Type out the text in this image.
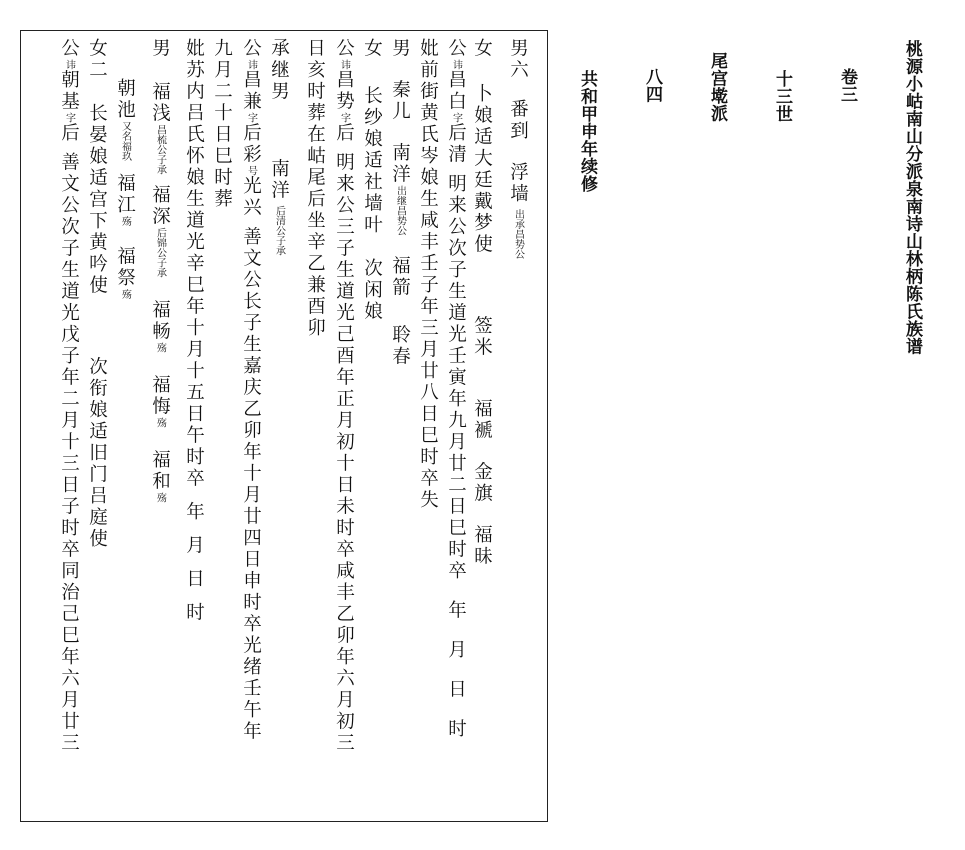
桃源小岵南山分派泉南诗山林柄陈氏族谱

卷三

十三世

尾宫墘派

八四

共和甲申年续修

男六番到浮墙出承昌势公
女卜娘适大廷戴梦使签米福褫金旗福昧
公讳昌白字后清明来公次子生道光壬寅年九月廿二日巳时卒年月日时
妣前街黄氏岑娘生咸丰壬子年三月廿八日巳时卒失
男秦儿南洋出继昌势公福箭聆春
女长纱娘适社墙叶次闲娘
公讳昌势字后明来公三子生道光己酉年正月初十日未时卒咸丰乙卯年六月初三
日亥时葬在岵尾后坐辛乙兼酉卯
承继男南洋后清公子承
公讳昌兼字后彩号光兴善文公长子生嘉庆乙卯年十月廿四日申时卒光绪壬午年
九月二十日巳时葬
妣苏内吕氏怀娘生道光辛巳年十月十五日午时卒年月日时
男福浅昌梳公子承福深后锦公子承福畅殇福悔殇福和殇
朝池又名福玖福江殇福祭殇
女二长晏娘适宫下黄吟使次衔娘适旧门吕庭使
公讳朝基字后善文公次子生道光戊子年二月十三日子时卒同治己巳年六月廿三
